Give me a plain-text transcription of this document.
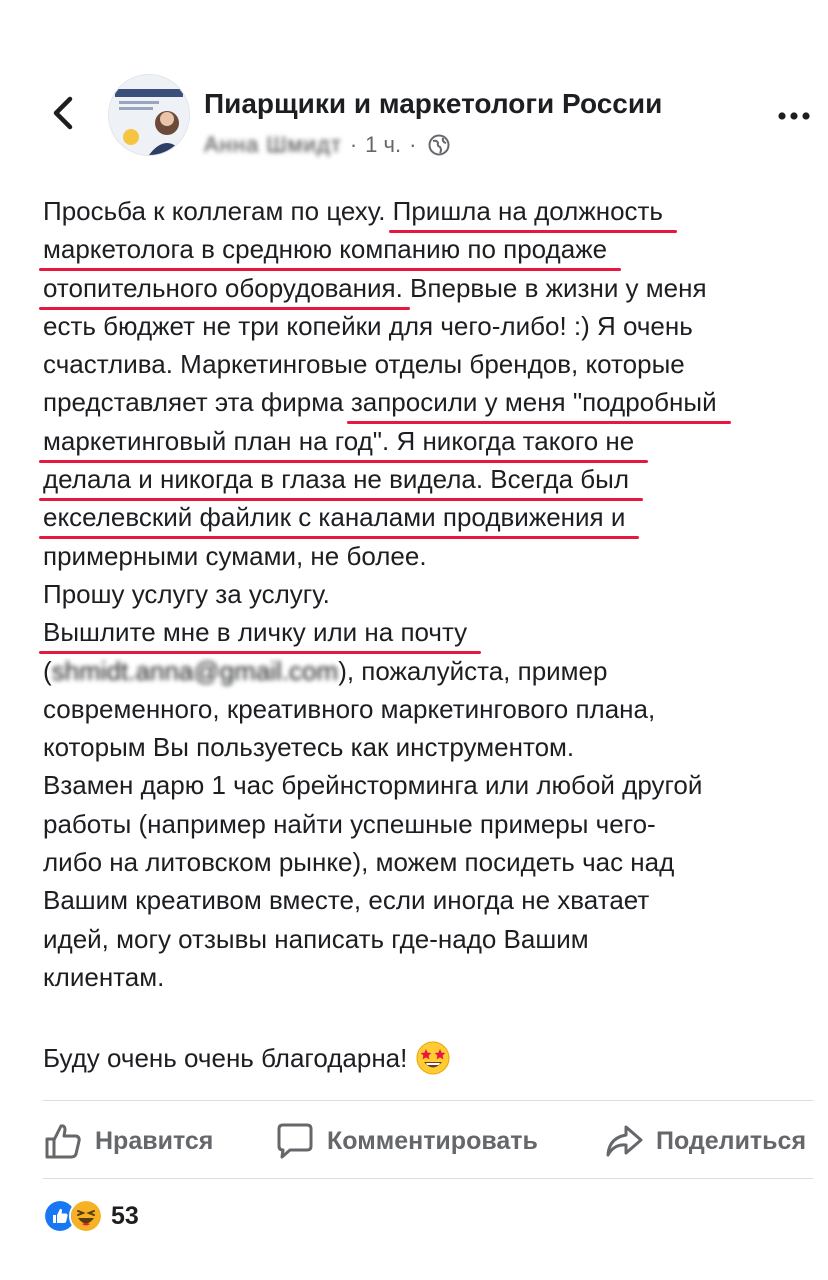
Пиарщики и маркетологи России
Анна Шмидт · 1 ч. ·
Просьба к коллегам по цеху. Пришла на должность
маркетолога в среднюю компанию по продаже
отопительного оборудования. Впервые в жизни у меня
есть бюджет не три копейки для чего-либо! :) Я очень
счастлива. Маркетинговые отделы брендов, которые
представляет эта фирма запросили у меня "подробный
маркетинговый план на год". Я никогда такого не
делала и никогда в глаза не видела. Всегда был
екселевский файлик с каналами продвижения и
примерными сумами, не более.
Прошу услугу за услугу.
Вышлите мне в личку или на почту
(shmidt.anna@gmail.com), пожалуйста, пример
современного, креативного маркетингового плана,
которым Вы пользуетесь как инструментом.
Взамен дарю 1 час брейнсторминга или любой другой
работы (например найти успешные примеры чего-
либо на литовском рынке), можем посидеть час над
Вашим креативом вместе, если иногда не хватает
идей, могу отзывы написать где-надо Вашим
клиентам.
Буду очень очень благодарна!
Нравится	Комментировать	Поделиться
53
